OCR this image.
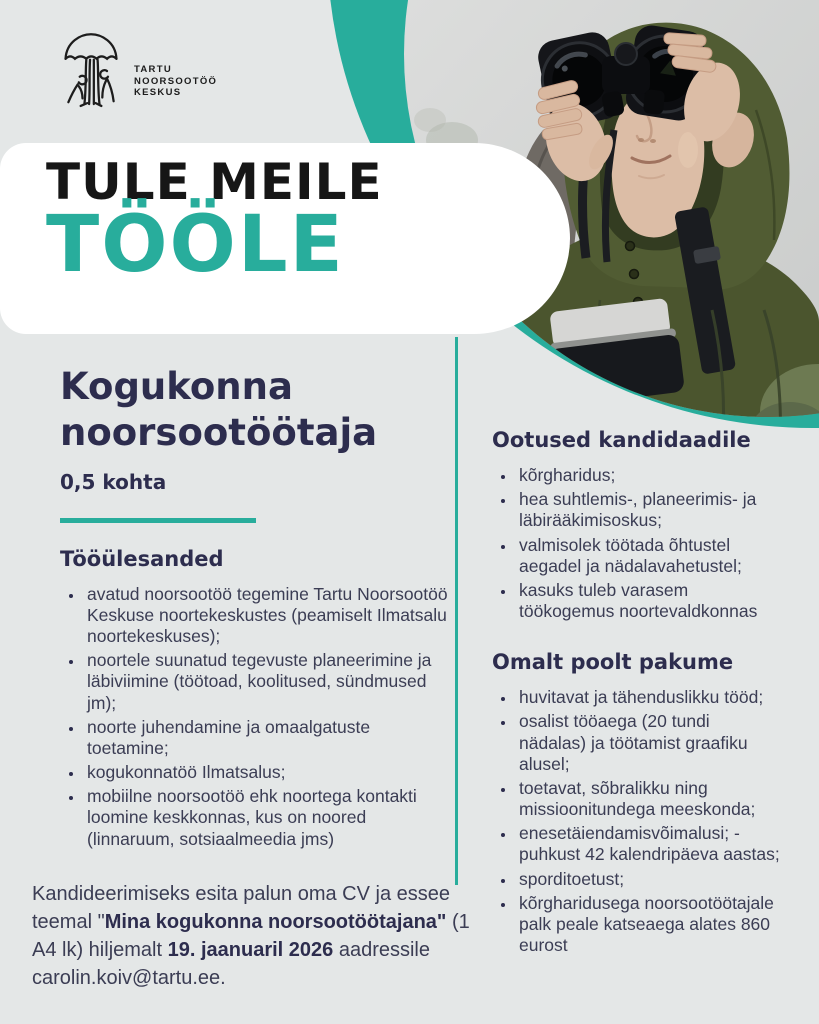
TULE MEILE
TÖÖLE
TARTU
NOORSOOTÖÖ
KESKUS
Kogukonna noorsootöötaja
0,5 kohta
Tööülesanded
• avatud noorsootöö tegemine Tartu Noorsootöö Keskuse noortekeskustes (peamiselt Ilmatsalu noortekeskuses);
• noortele suunatud tegevuste planeerimine ja läbiviimine (töötoad, koolitused, sündmused jm);
• noorte juhendamine ja omaalgatuste toetamine;
• kogukonnatöö Ilmatsalus;
• mobiilne noorsootöö ehk noortega kontakti loomine keskkonnas, kus on noored (linnaruum, sotsiaalmeedia jms)
Ootused kandidaadile
• kõrgharidus;
• hea suhtlemis-, planeerimis- ja läbirääkimisoskus;
• valmisolek töötada õhtustel aegadel ja nädalavahetustel;
• kasuks tuleb varasem töökogemus noortevaldkonnas
Omalt poolt pakume
• huvitavat ja tähenduslikku tööd;
• osalist tööaega (20 tundi nädalas) ja töötamist graafiku alusel;
• toetavat, sõbralikku ning missioonitundega meeskonda;
• enesetäiendamisvõimalusi; - puhkust 42 kalendripäeva aastas;
• sporditoetust;
• kõrgharidusega noorsootöötajale palk peale katseaega alates 860 eurost

Kandideerimiseks esita palun oma CV ja essee teemal "Mina kogukonna noorsootöötajana" (1 A4 lk) hiljemalt 19. jaanuaril 2026 aadressile carolin.koiv@tartu.ee.
